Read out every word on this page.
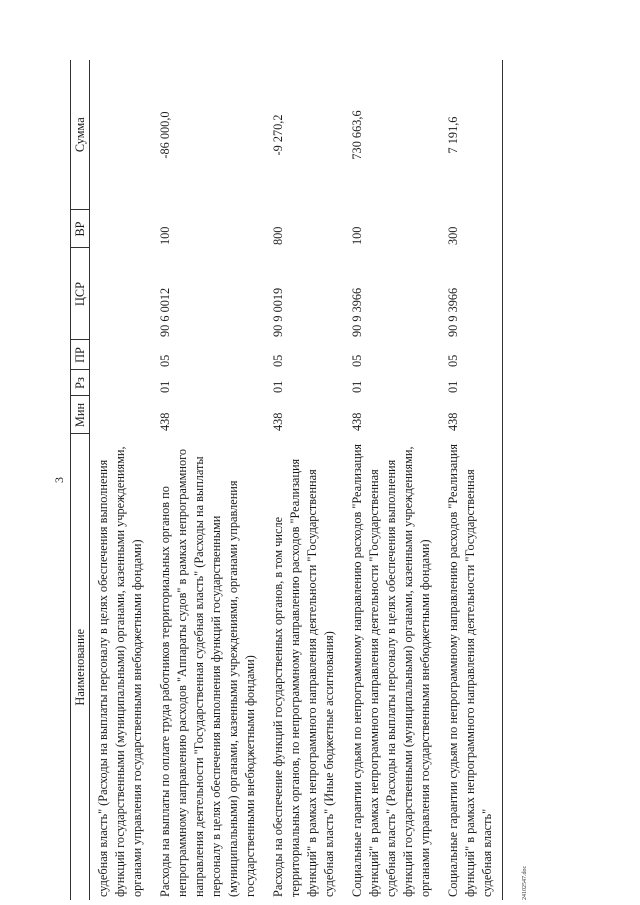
3
Наименование	Мин	Рз	ПР	ЦСР	ВР	Сумма
судебная власть" (Расходы на выплаты персоналу в целях обеспечения выполнения функций государственными (муниципальными) органами, казенными учреждениями, органами управления государственными внебюджетными фондами)						
Расходы на выплаты по оплате труда работников территориальных органов по непрограммному направлению расходов "Аппараты судов" в рамках непрограммного направления деятельности "Государственная судебная власть" (Расходы на выплаты персоналу в целях обеспечения выполнения функций государственными (муниципальными) органами, казенными учреждениями, органами управления государственными внебюджетными фондами)	438	01	05	90 6 0012	100	-86 000,0
Расходы на обеспечение функций государственных органов, в том числе территориальных органов, по непрограммному направлению расходов "Реализация функций" в рамках непрограммного направления деятельности "Государственная судебная власть" (Иные бюджетные ассигнования)	438	01	05	90 9 0019	800	-9 270,2
Социальные гарантии судьям по непрограммному направлению расходов "Реализация функций" в рамках непрограммного направления деятельности "Государственная судебная власть" (Расходы на выплаты персоналу в целях обеспечения выполнения функций государственными (муниципальными) органами, казенными учреждениями, органами управления государственными внебюджетными фондами)	438	01	05	90 9 3966	100	730 663,6
Социальные гарантии судьям по непрограммному направлению расходов "Реализация функций" в рамках непрограммного направления деятельности "Государственная судебная власть"	438	01	05	90 9 3966	300	7 191,6
24102547.doc
